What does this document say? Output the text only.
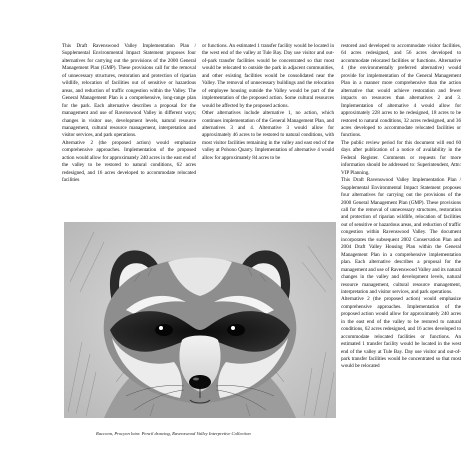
This Draft Ravenswood Valley Implementation Plan / Supplemental Environmental Impact Statement proposes four alternatives for carrying out the provisions of the 2000 General Management Plan (GMP). These provisions call for the removal of unnecessary structures, restoration and protection of riparian wildlife, relocation of facilities out of sensitive or hazardous areas, and reduction of traffic congestion within the Valley. The General Management Plan is a comprehensive, long-range plan for the park. Each alternative describes a proposal for the management and use of Ravenswood Valley in different ways; changes in visitor use, development levels, natural resource management, cultural resource management, interpretation and visitor services, and park operations.
Alternative 2 (the proposed action) would emphasize comprehensive approaches. Implementation of the proposed action would allow for approximately 240 acres in the east end of the valley to be restored to natural conditions, 62 acres redesigned, and 16 acres developed to accommodate relocated facilities
or functions. An estimated 1 transfer facility would be located in the west end of the valley at Tule Bay. Day use visitor and out-of-park transfer facilities would be concentrated so that most would be relocated to outside the park in adjacent communities, and other existing facilities would be consolidated near the Valley. The removal of unnecessary buildings and the relocation of employee housing outside the Valley would be part of the implementation of the proposed action. Some cultural resources would be affected by the proposed actions.
Other alternatives include alternative 1, no action, which continues implementation of the General Management Plan, and alternatives 3 and 4. Alternative 3 would allow for approximately 46 acres to be restored to natural conditions, with most visitor facilities remaining in the valley and east end of the valley at Pohono Quarry. Implementation of alternative 4 would allow for approximately 84 acres to be
restored and developed to accommodate visitor facilities, 64 acres redesigned, and 56 acres developed to accommodate relocated facilities or functions. Alternative 4 (the environmentally preferred alternative) would provide for implementation of the General Management Plan in a manner more comprehensive than the action alternative that would achieve restoration and fewer impacts on resources than alternatives 2 and 3. Implementation of alternative 4 would allow for approximately 228 acres to be redesigned, 18 acres to be restored to natural conditions, 32 acres redesigned, and 36 acres developed to accommodate relocated facilities or functions.
The public review period for this document will end 60 days after publication of a notice of availability in the Federal Register. Comments or requests for more information should be addressed to: Superintendent, Attn: VIP Planning.
This Draft Ravenswood Valley Implementation Plan / Supplemental Environmental Impact Statement proposes four alternatives for carrying out the provisions of the 2000 General Management Plan (GMP). These provisions call for the removal of unnecessary structures, restoration and protection of riparian wildlife, relocation of facilities out of sensitive or hazardous areas, and reduction of traffic congestion within Ravenswood Valley. The document incorporates the subsequent 2002 Conservation Plan and 2004 Draft Valley Housing Plan within the General Management Plan in a comprehensive implementation plan. Each alternative describes a proposal for the management and use of Ravenswood Valley and its natural changes in the valley and development levels, natural resource management, cultural resource management, interpretation and visitor services, and park operations.
Alternative 2 (the proposed action) would emphasize comprehensive approaches. Implementation of the proposed action would allow for approximately 240 acres in the east end of the valley to be restored to natural conditions, 62 acres redesigned, and 16 acres developed to accommodate relocated facilities or functions. An estimated 1 transfer facility would be located in the west end of the valley at Tule Bay. Day use visitor and out-of-park transfer facilities would be concentrated so that most would be relocated
Raccoon, Procyon lotor. Pencil drawing, Ravenswood Valley Interpretive Collection
